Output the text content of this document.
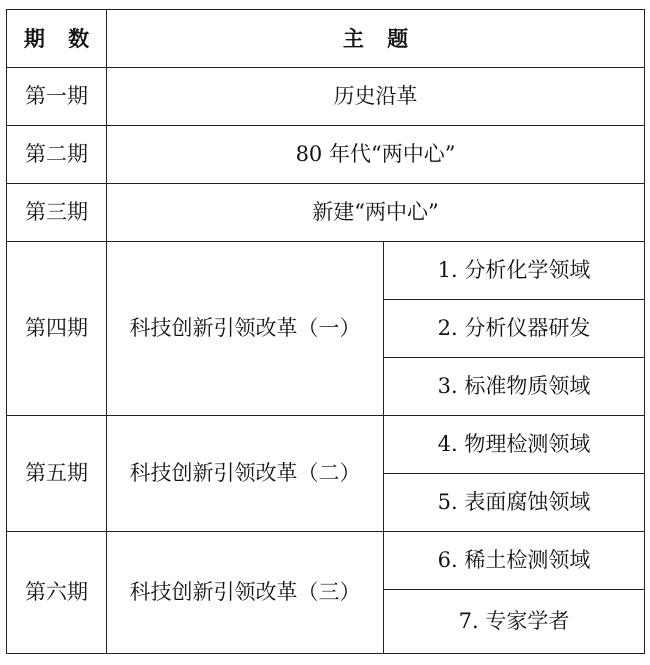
期 数	主 题	
第一期	历史沿革	
第二期	80 年代“两中心”	
第三期	新建“两中心”	
第四期	科技创新引领改革（一）	1. 分析化学领域
		2. 分析仪器研发
		3. 标准物质领域
第五期	科技创新引领改革（二）	4. 物理检测领域
		5. 表面腐蚀领域
第六期	科技创新引领改革（三）	6. 稀土检测领域
		7. 专家学者
